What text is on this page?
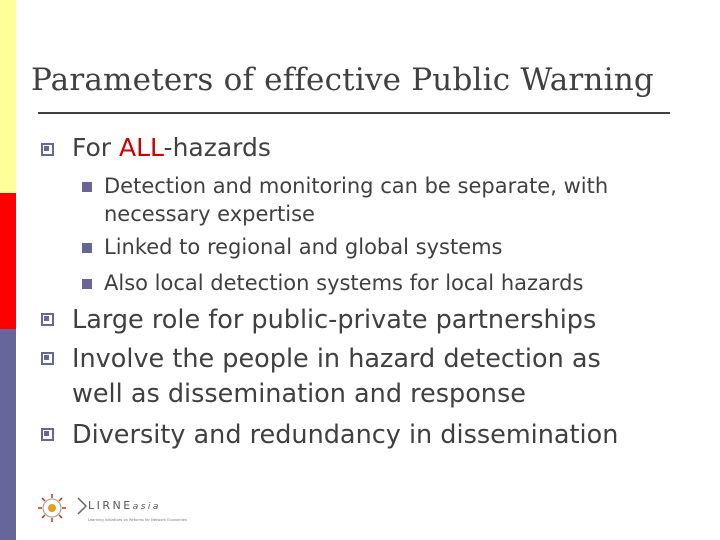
Parameters of effective Public Warning
For ALL-hazards
Detection and monitoring can be separate, with
necessary expertise
Linked to regional and global systems
Also local detection systems for local hazards
Large role for public-private partnerships
Involve the people in hazard detection as
well as dissemination and response
Diversity and redundancy in dissemination
LIRNEasia
Learning Initiatives on Reforms for Network Economies
